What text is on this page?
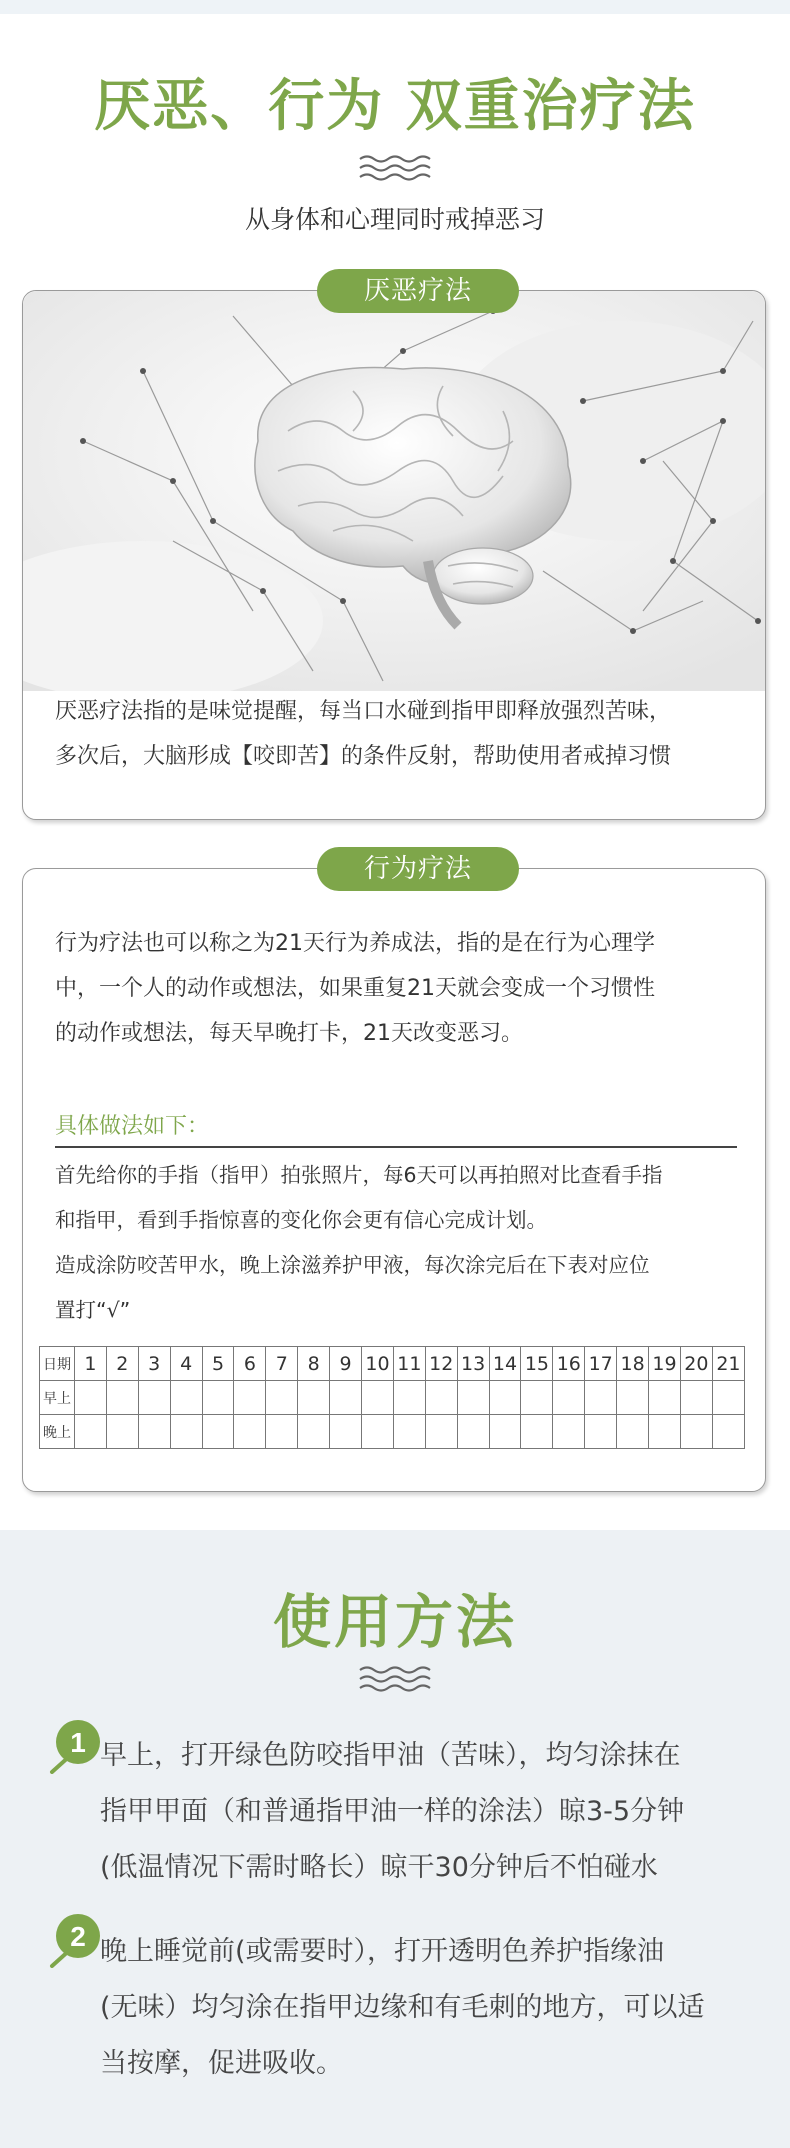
厌恶、行为 双重治疗法
从身体和心理同时戒掉恶习
厌恶疗法
厌恶疗法指的是味觉提醒，每当口水碰到指甲即释放强烈苦味，
多次后，大脑形成【咬即苦】的条件反射，帮助使用者戒掉习惯
行为疗法
行为疗法也可以称之为21天行为养成法，指的是在行为心理学
中，一个人的动作或想法，如果重复21天就会变成一个习惯性
的动作或想法，每天早晚打卡，21天改变恶习。
具体做法如下：
首先给你的手指（指甲）拍张照片，每6天可以再拍照对比查看手指
和指甲，看到手指惊喜的变化你会更有信心完成计划。
造成涂防咬苦甲水，晚上涂滋养护甲液，每次涂完后在下表对应位
置打“√”
日期	1	2	3	4	5	6	7	8	9	10	11	12	13	14	15	16	17	18	19	20	21
早上																					
晚上																					
使用方法
1 早上，打开绿色防咬指甲油（苦味），均匀涂抹在
指甲甲面（和普通指甲油一样的涂法）晾3-5分钟
(低温情况下需时略长）晾干30分钟后不怕碰水
2 晚上睡觉前(或需要时），打开透明色养护指缘油
(无味）均匀涂在指甲边缘和有毛刺的地方，可以适
当按摩，促进吸收。
